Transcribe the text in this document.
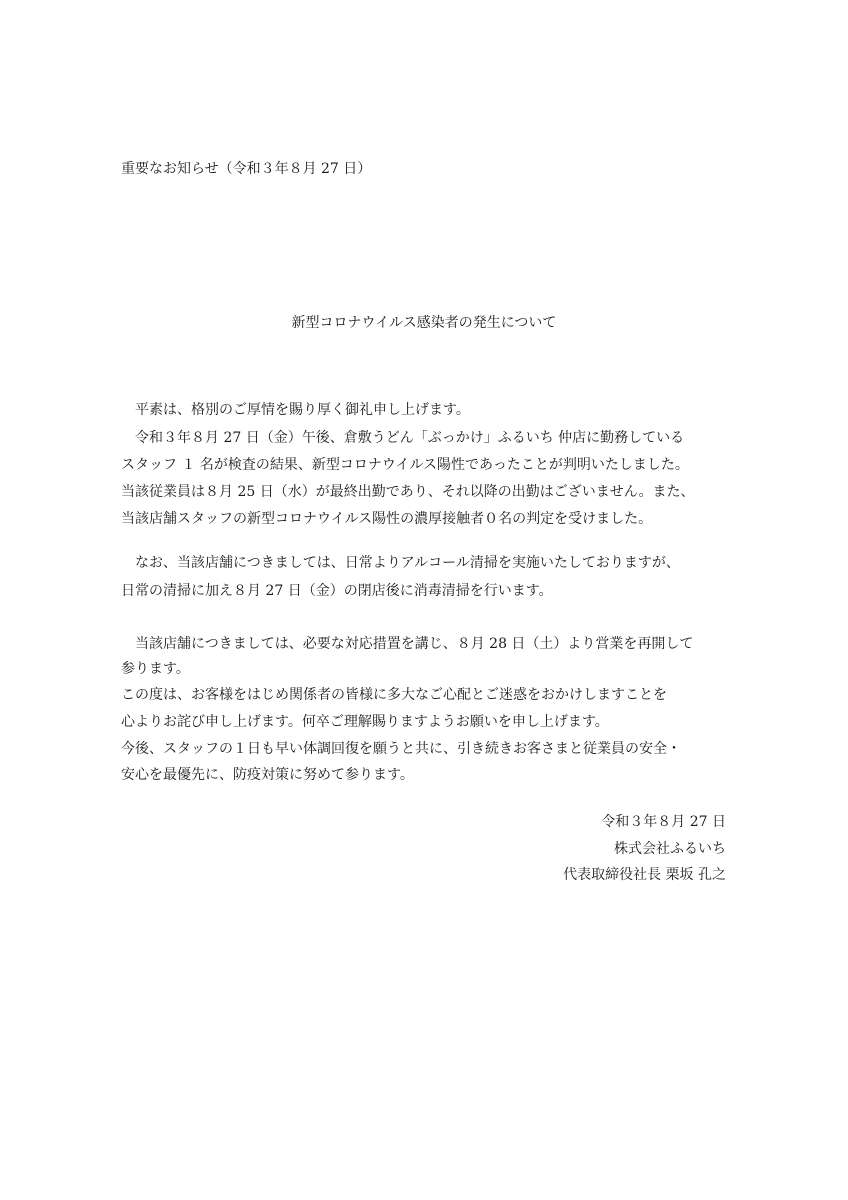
重要なお知らせ（令和３年８月 27 日）
新型コロナウイルス感染者の発生について
　平素は、格別のご厚情を賜り厚く御礼申し上げます。
　令和３年８月 27 日（金）午後、倉敷うどん「ぶっかけ」ふるいち 仲店に勤務している
スタッフ １ 名が検査の結果、新型コロナウイルス陽性であったことが判明いたしました。
当該従業員は８月 25 日（水）が最終出勤であり、それ以降の出勤はございません。また、
当該店舗スタッフの新型コロナウイルス陽性の濃厚接触者０名の判定を受けました。
　なお、当該店舗につきましては、日常よりアルコール清掃を実施いたしておりますが、
日常の清掃に加え８月 27 日（金）の閉店後に消毒清掃を行います。
　当該店舗につきましては、必要な対応措置を講じ、８月 28 日（土）より営業を再開して
参ります。
この度は、お客様をはじめ関係者の皆様に多大なご心配とご迷惑をおかけしますことを
心よりお詫び申し上げます。何卒ご理解賜りますようお願いを申し上げます。
今後、スタッフの１日も早い体調回復を願うと共に、引き続きお客さまと従業員の安全・
安心を最優先に、防疫対策に努めて参ります。
令和３年８月 27 日
株式会社ふるいち
代表取締役社長 栗坂 孔之
